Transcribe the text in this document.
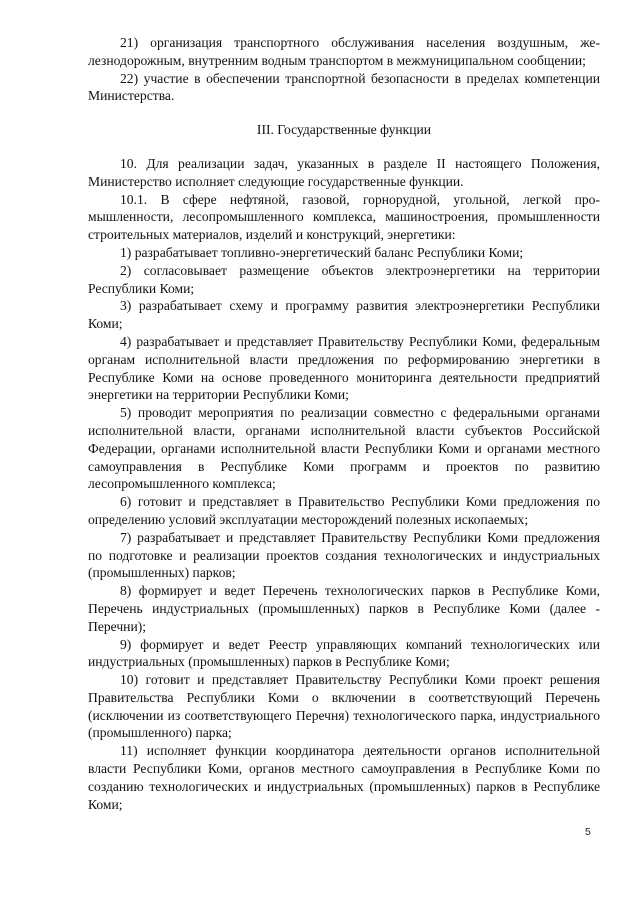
21) организация транспортного обслуживания населения воздушным, железнодорожным, внутренним водным транспортом в межмуниципальном сообщении;

22) участие в обеспечении транспортной безопасности в пределах компетенции Министерства.

III. Государственные функции

10. Для реализации задач, указанных в разделе II настоящего Положения, Министерство исполняет следующие государственные функции.

10.1. В сфере нефтяной, газовой, горнорудной, угольной, легкой промышленности, лесопромышленного комплекса, машиностроения, промышленности строительных материалов, изделий и конструкций, энергетики:

1) разрабатывает топливно-энергетический баланс Республики Коми;

2) согласовывает размещение объектов электроэнергетики на территории Республики Коми;

3) разрабатывает схему и программу развития электроэнергетики Республики Коми;

4) разрабатывает и представляет Правительству Республики Коми, федеральным органам исполнительной власти предложения по реформированию энергетики в Республике Коми на основе проведенного мониторинга деятельности предприятий энергетики на территории Республики Коми;

5) проводит мероприятия по реализации совместно с федеральными органами исполнительной власти, органами исполнительной власти субъектов Российской Федерации, органами исполнительной власти Республики Коми и органами местного самоуправления в Республике Коми программ и проектов по развитию лесопромышленного комплекса;

6) готовит и представляет в Правительство Республики Коми предложения по определению условий эксплуатации месторождений полезных ископаемых;

7) разрабатывает и представляет Правительству Республики Коми предложения по подготовке и реализации проектов создания технологических и индустриальных (промышленных) парков;

8) формирует и ведет Перечень технологических парков в Республике Коми, Перечень индустриальных (промышленных) парков в Республике Коми (далее - Перечни);

9) формирует и ведет Реестр управляющих компаний технологических или индустриальных (промышленных) парков в Республике Коми;

10) готовит и представляет Правительству Республики Коми проект решения Правительства Республики Коми о включении в соответствующий Перечень (исключении из соответствующего Перечня) технологического парка, индустриального (промышленного) парка;

11) исполняет функции координатора деятельности органов исполнительной власти Республики Коми, органов местного самоуправления в Республике Коми по созданию технологических и индустриальных (промышленных) парков в Республике Коми;

5
